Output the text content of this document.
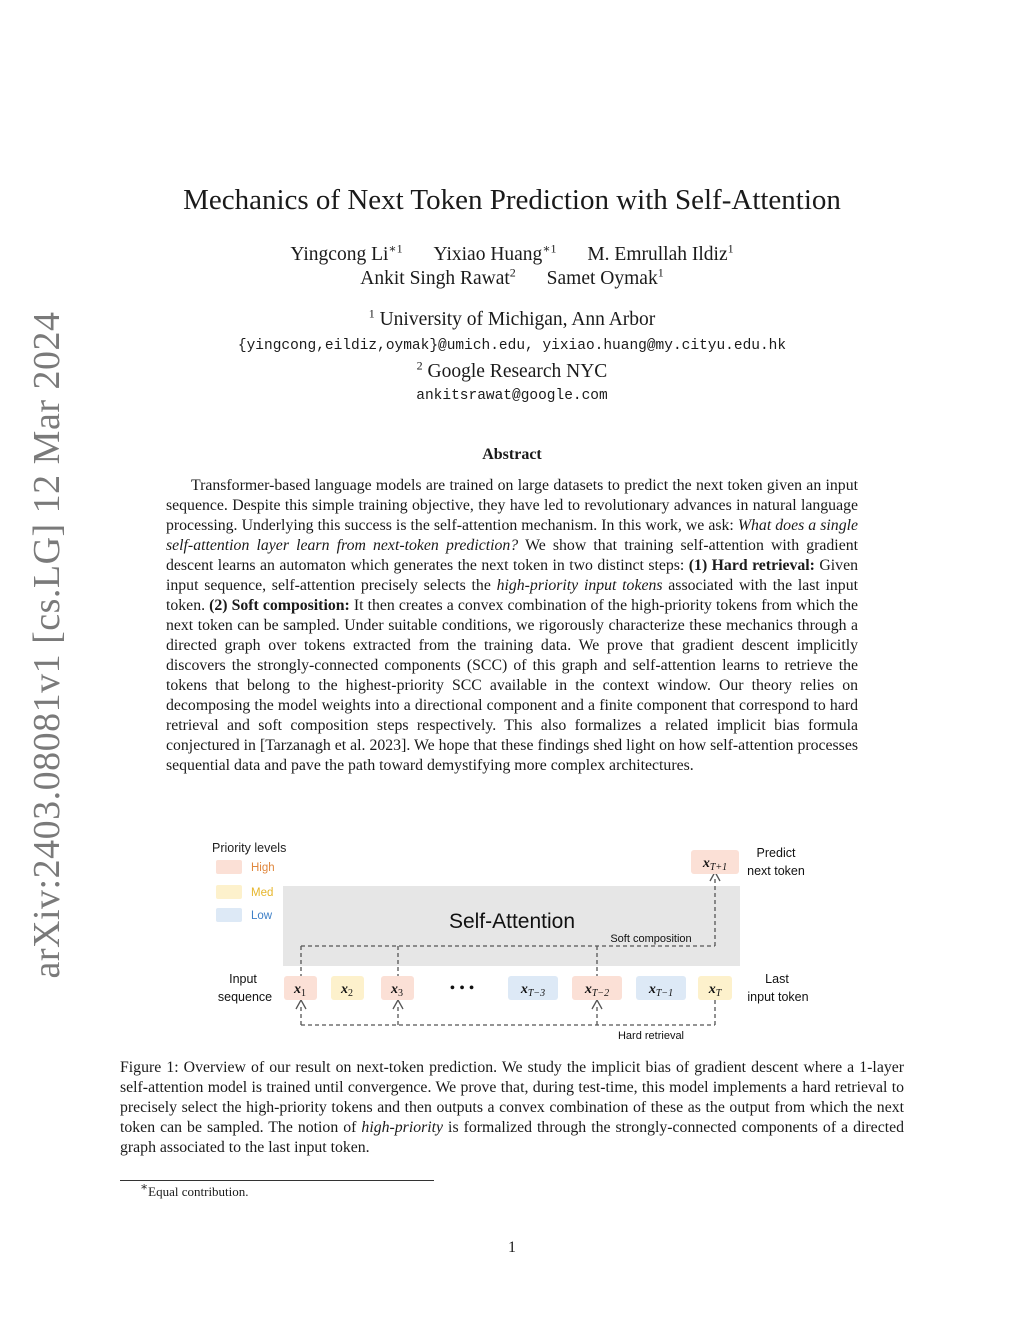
arXiv:2403.08081v1 [cs.LG] 12 Mar 2024
Mechanics of Next Token Prediction with Self-Attention
Yingcong $Li^{∗1}$ Yixiao Huang$^{∗1}$ M. Emrullah Ildiz$^1$
Ankit Singh Rawat$^2$ Samet Oymak$^1$
$^1$ University of Michigan, Ann Arbor
{yingcong,eildiz,oymak}@umich.edu, yixiao.huang@my.cityu.edu.hk
$^2$ Google Research NYC
ankitsrawat@google.com
Abstract

Transformer-based language models are trained on large datasets to predict the next token given an input sequence. Despite this simple training objective, they have led to revolutionary advances in natural language processing. Underlying this success is the self-attention mechanism. In this work, we ask: What does a single self-attention layer learn from next-token prediction? We show that training self-attention with gradient descent learns an automaton which generates the next token in two distinct steps: (1) Hard retrieval: Given input sequence, self-attention precisely selects the high-priority input tokens associated with the last input token. (2) Soft composition: It then creates a convex combination of the high-priority tokens from which the next token can be sampled. Under suitable conditions, we rigorously characterize these mechanics through a directed graph over tokens extracted from the training data. We prove that gradient descent implicitly discovers the strongly-connected components (SCC) of this graph and self-attention learns to retrieve the tokens that belong to the highest-priority SCC available in the context window. Our theory relies on decomposing the model weights into a directional component and a finite component that correspond to hard retrieval and soft composition steps respectively. This also formalizes a related implicit bias formula conjectured in [Tarzanagh et al. 2023]. We hope that these findings shed light on how self-attention processes sequential data and pave the path toward demystifying more complex architectures.

Priority levels
High
Med
Low	Self-Attention
Soft composition
Hard retrieval
Input
sequence
Last
input token
Predict
next token
$x_1$	$x_2$	$x_3$	• • •	$x_{T-3}$	$x_{T-2}$	$x_{T-1}$	$x_T$
$x_{T+1}$

Figure 1: Overview of our result on next-token prediction. We study the implicit bias of gradient descent where a 1-layer self-attention model is trained until convergence. We prove that, during test-time, this model implements a hard retrieval to precisely select the high-priority tokens and then outputs a convex combination of these as the output from which the next token can be sampled. The notion of high-priority is formalized through the strongly-connected components of a directed graph associated to the last input token.

∗Equal contribution.
1
